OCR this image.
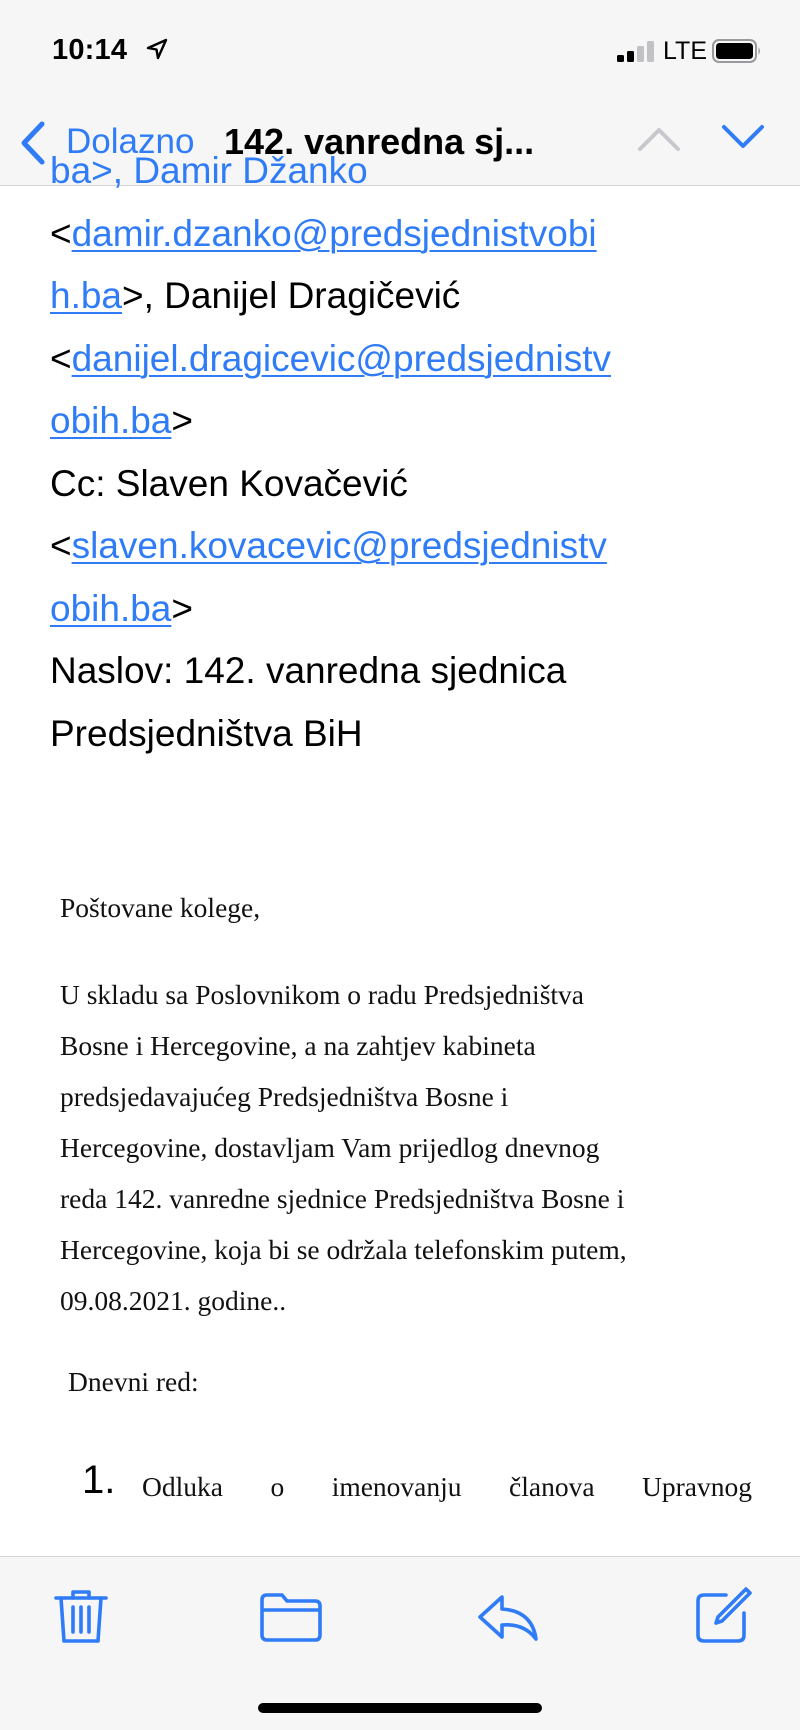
10:14	LTE
Dolazno 142. vanredna sj...
ba>, Damir Džanko
<damir.dzanko@predsjednistvobi
h.ba>, Danijel Dragičević
<danijel.dragicevic@predsjednistv
obih.ba>
Cc: Slaven Kovačević
<slaven.kovacevic@predsjednistv
obih.ba>
Naslov: 142. vanredna sjednica
Predsjedništva BiH
Poštovane kolege,
U skladu sa Poslovnikom o radu Predsjedništva
Bosne i Hercegovine, a na zahtjev kabineta
predsjedavajućeg Predsjedništva Bosne i
Hercegovine, dostavljam Vam prijedlog dnevnog
reda 142. vanredne sjednice Predsjedništva Bosne i
Hercegovine, koja bi se održala telefonskim putem,
09.08.2021. godine..
Dnevni red:
1. Odluka o imenovanju članova Upravnog
